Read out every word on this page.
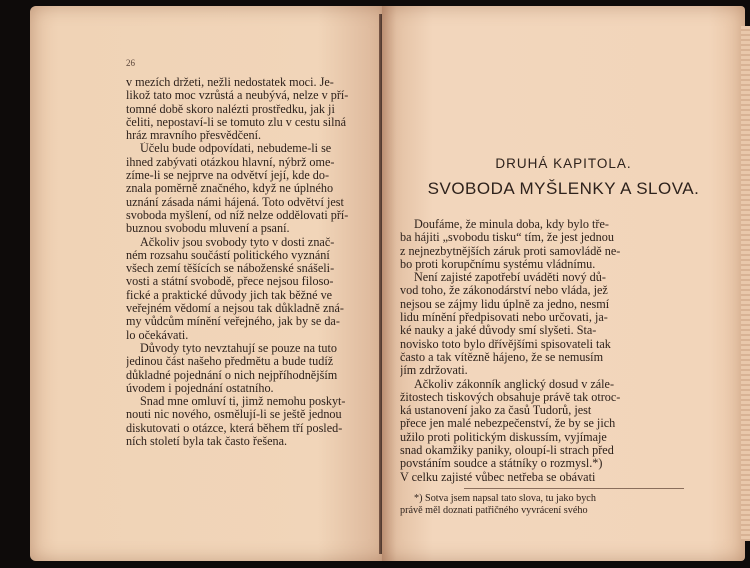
26
v mezích držeti, nežli nedostatek moci. Je-
likož tato moc vzrůstá a neubývá, nelze v pří-
tomné době skoro nalézti prostředku, jak ji
čeliti, nepostaví-li se tomuto zlu v cestu silná
hráz mravního přesvědčení.
Účelu bude odpovídati, nebudeme-li se
ihned zabývati otázkou hlavní, nýbrž ome-
zíme-li se nejprve na odvětví její, kde do-
znala poměrně značného, když ne úplného
uznání zásada námi hájená. Toto odvětví jest
svoboda myšlení, od níž nelze oddělovati pří-
buznou svobodu mluvení a psaní.
Ačkoliv jsou svobody tyto v dosti znač-
ném rozsahu součástí politického vyznání
všech zemí těšících se náboženské snášeli-
vosti a státní svobodě, přece nejsou filoso-
fické a praktické důvody jich tak běžné ve
veřejném vědomí a nejsou tak důkladně zná-
my vůdcům mínění veřejného, jak by se da-
lo očekávati.
Důvody tyto nevztahují se pouze na tuto
jedinou část našeho předmětu a bude tudíž
důkladné pojednání o nich nejpříhodnějším
úvodem i pojednání ostatního.
Snad mne omluví ti, jimž nemohu poskyt-
nouti nic nového, osmělují-li se ještě jednou
diskutovati o otázce, která během tří posled-
ních století byla tak často řešena.
DRUHÁ KAPITOLA.
SVOBODA MYŠLENKY A SLOVA.
Doufáme, že minula doba, kdy bylo tře-
ba hájiti „svobodu tisku“ tím, že jest jednou
z nejnezbytnějších záruk proti samovládě ne-
bo proti korupčnímu systému vládnímu.
Není zajisté zapotřebí uváděti nový dů-
vod toho, že zákonodárství nebo vláda, jež
nejsou se zájmy lidu úplně za jedno, nesmí
lidu mínění předpisovati nebo určovati, ja-
ké nauky a jaké důvody smí slyšeti. Sta-
novisko toto bylo dřívějšími spisovateli tak
často a tak vítězně hájeno, že se nemusím
jím zdržovati.
Ačkoliv zákonník anglický dosud v zále-
žitostech tiskových obsahuje právě tak otroc-
ká ustanovení jako za časů Tudorů, jest
přece jen malé nebezpečenství, že by se jich
užilo proti politickým diskussím, vyjímaje
snad okamžiky paniky, oloupí-li strach před
povstáním soudce a státníky o rozmysl.*)
V celku zajisté vůbec netřeba se obávati
*) Sotva jsem napsal tato slova, tu jako bych
právě měl doznati patřičného vyvrácení svého
